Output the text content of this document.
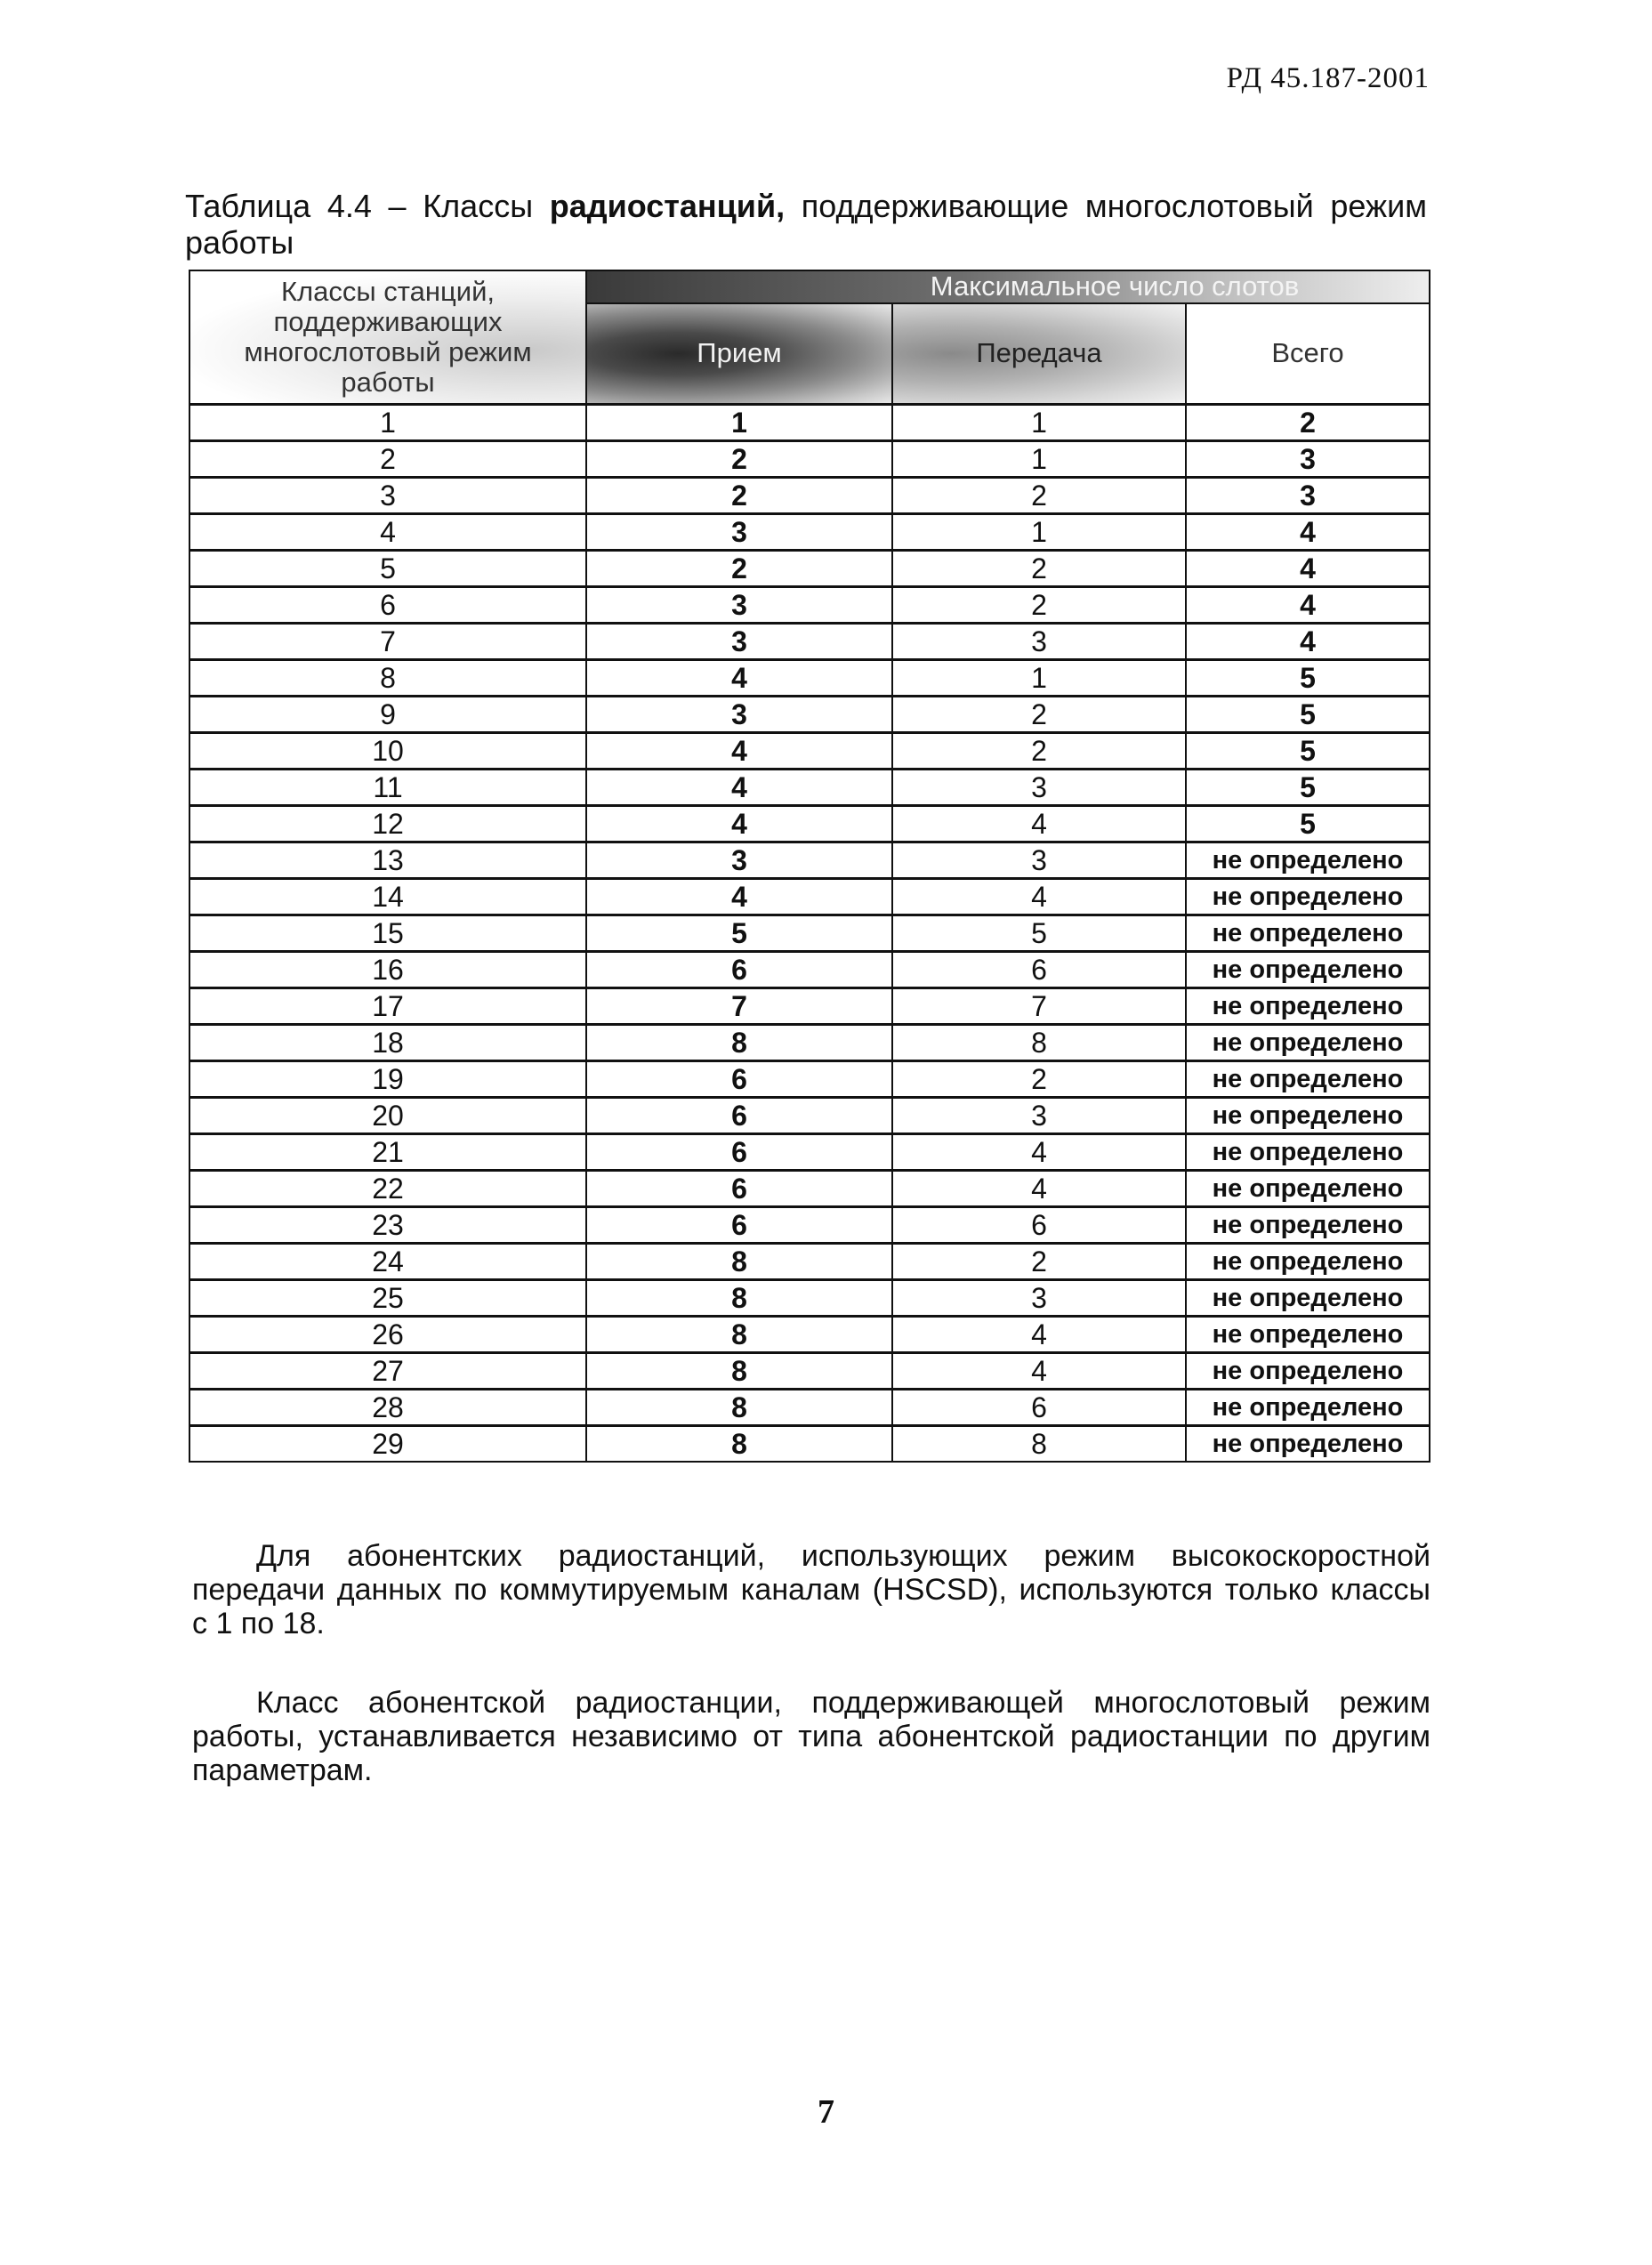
РД 45.187-2001
Таблица 4.4 – Классы радиостанций, поддерживающие многослотовый режим
работы
Классы станций, поддерживающих многослотовый режим работы	Максимальное число слотов		
	Прием	Передача	Всего
1	1	1	2
2	2	1	3
3	2	2	3
4	3	1	4
5	2	2	4
6	3	2	4
7	3	3	4
8	4	1	5
9	3	2	5
10	4	2	5
11	4	3	5
12	4	4	5
13	3	3	не определено
14	4	4	не определено
15	5	5	не определено
16	6	6	не определено
17	7	7	не определено
18	8	8	не определено
19	6	2	не определено
20	6	3	не определено
21	6	4	не определено
22	6	4	не определено
23	6	6	не определено
24	8	2	не определено
25	8	3	не определено
26	8	4	не определено
27	8	4	не определено
28	8	6	не определено
29	8	8	не определено
Для абонентских радиостанций, использующих режим высокоскоростной
передачи данных по коммутируемым каналам (HSCSD), используются только классы
с 1 по 18.
Класс абонентской радиостанции, поддерживающей многослотовый режим
работы, устанавливается независимо от типа абонентской радиостанции по другим
параметрам.
7
